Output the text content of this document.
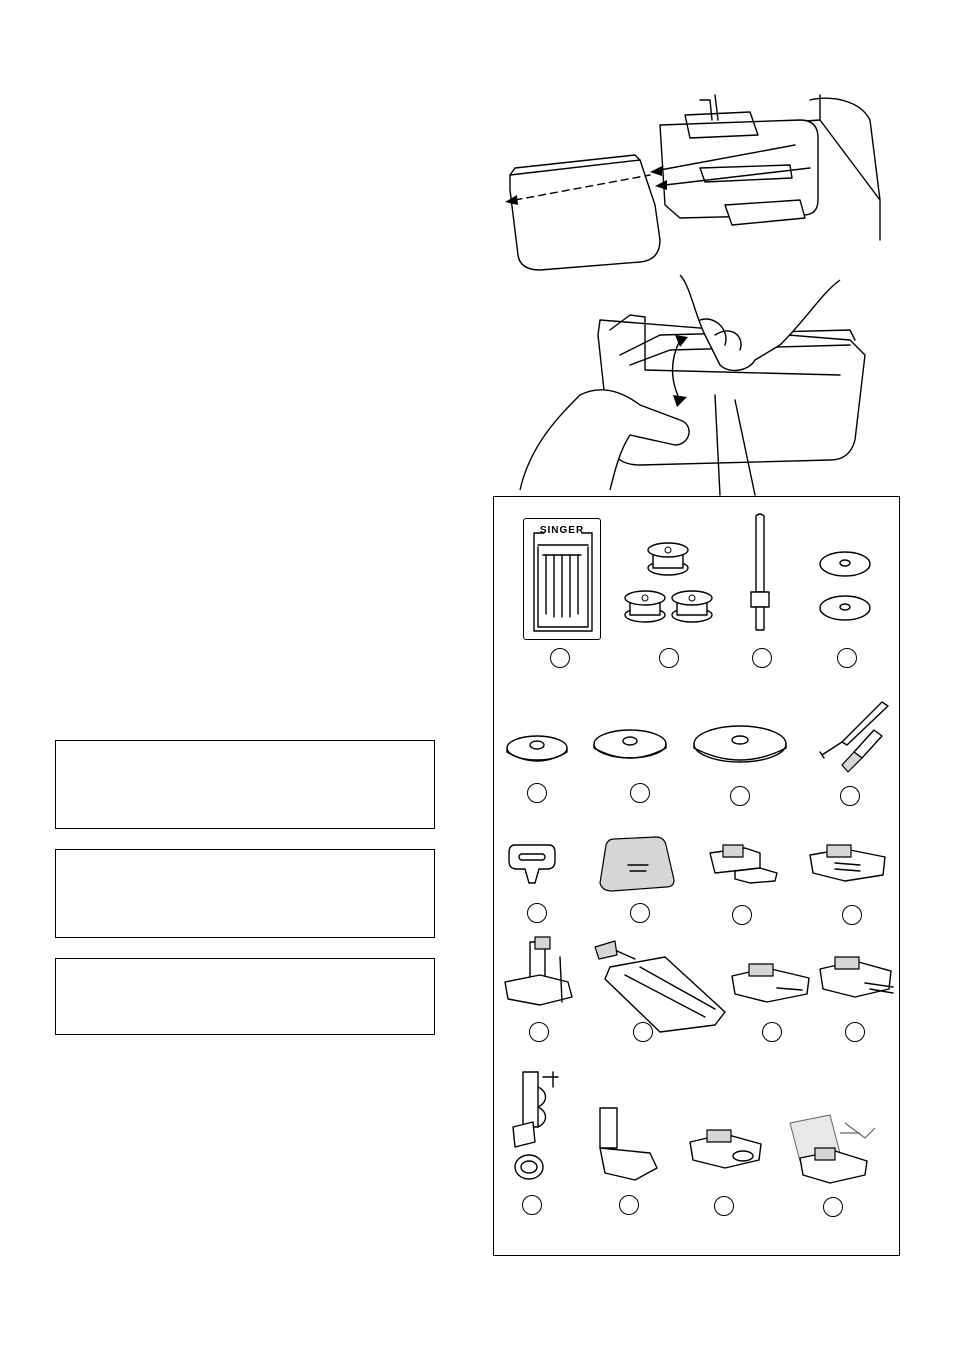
SINGER
